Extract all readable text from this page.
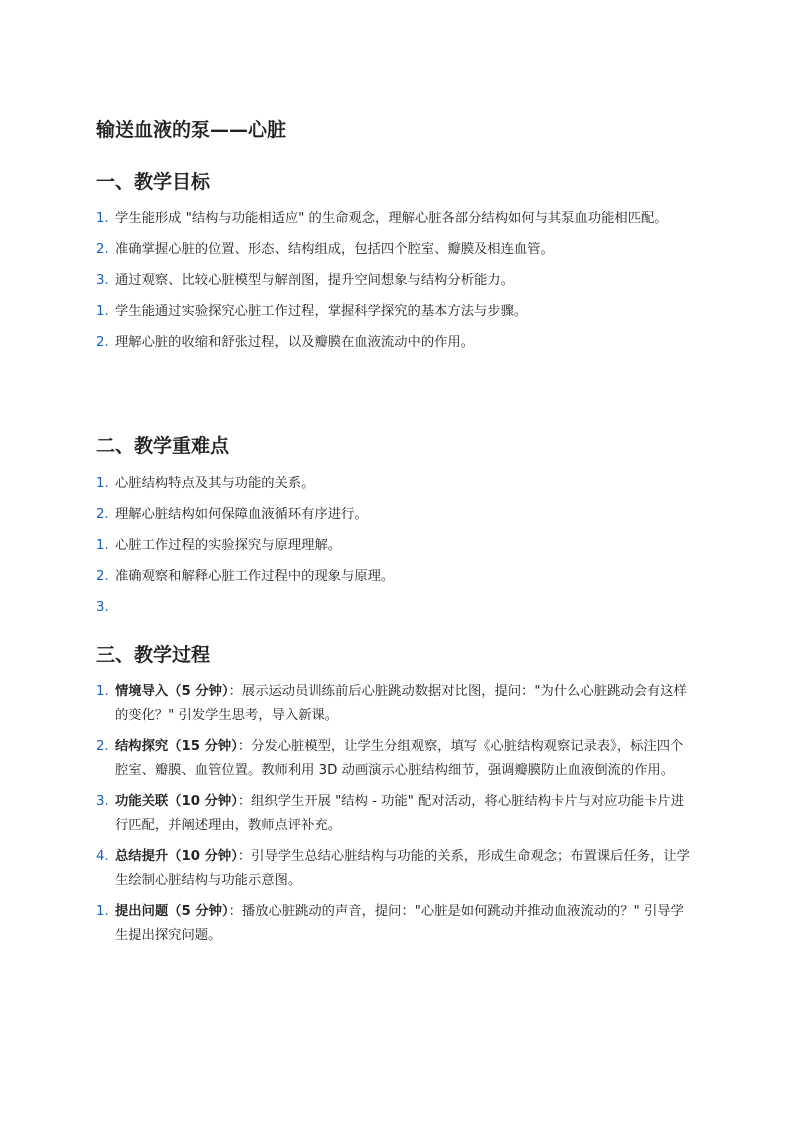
输送血液的泵——心脏
一、教学目标
1. 学生能形成 "结构与功能相适应" 的生命观念，理解心脏各部分结构如何与其泵血功能相匹配。
2. 准确掌握心脏的位置、形态、结构组成，包括四个腔室、瓣膜及相连血管。
3. 通过观察、比较心脏模型与解剖图，提升空间想象与结构分析能力。
1. 学生能通过实验探究心脏工作过程，掌握科学探究的基本方法与步骤。
2. 理解心脏的收缩和舒张过程，以及瓣膜在血液流动中的作用。
二、教学重难点
1. 心脏结构特点及其与功能的关系。
2. 理解心脏结构如何保障血液循环有序进行。
1. 心脏工作过程的实验探究与原理理解。
2. 准确观察和解释心脏工作过程中的现象与原理。
3.
三、教学过程
1. 情境导入（5 分钟）：展示运动员训练前后心脏跳动数据对比图，提问："为什么心脏跳动会有这样的变化？" 引发学生思考，导入新课。
2. 结构探究（15 分钟）：分发心脏模型，让学生分组观察，填写《心脏结构观察记录表》，标注四个腔室、瓣膜、血管位置。教师利用 3D 动画演示心脏结构细节，强调瓣膜防止血液倒流的作用。
3. 功能关联（10 分钟）：组织学生开展 "结构 - 功能" 配对活动，将心脏结构卡片与对应功能卡片进行匹配，并阐述理由，教师点评补充。
4. 总结提升（10 分钟）：引导学生总结心脏结构与功能的关系，形成生命观念；布置课后任务，让学生绘制心脏结构与功能示意图。
1. 提出问题（5 分钟）：播放心脏跳动的声音，提问："心脏是如何跳动并推动血液流动的？" 引导学生提出探究问题。
